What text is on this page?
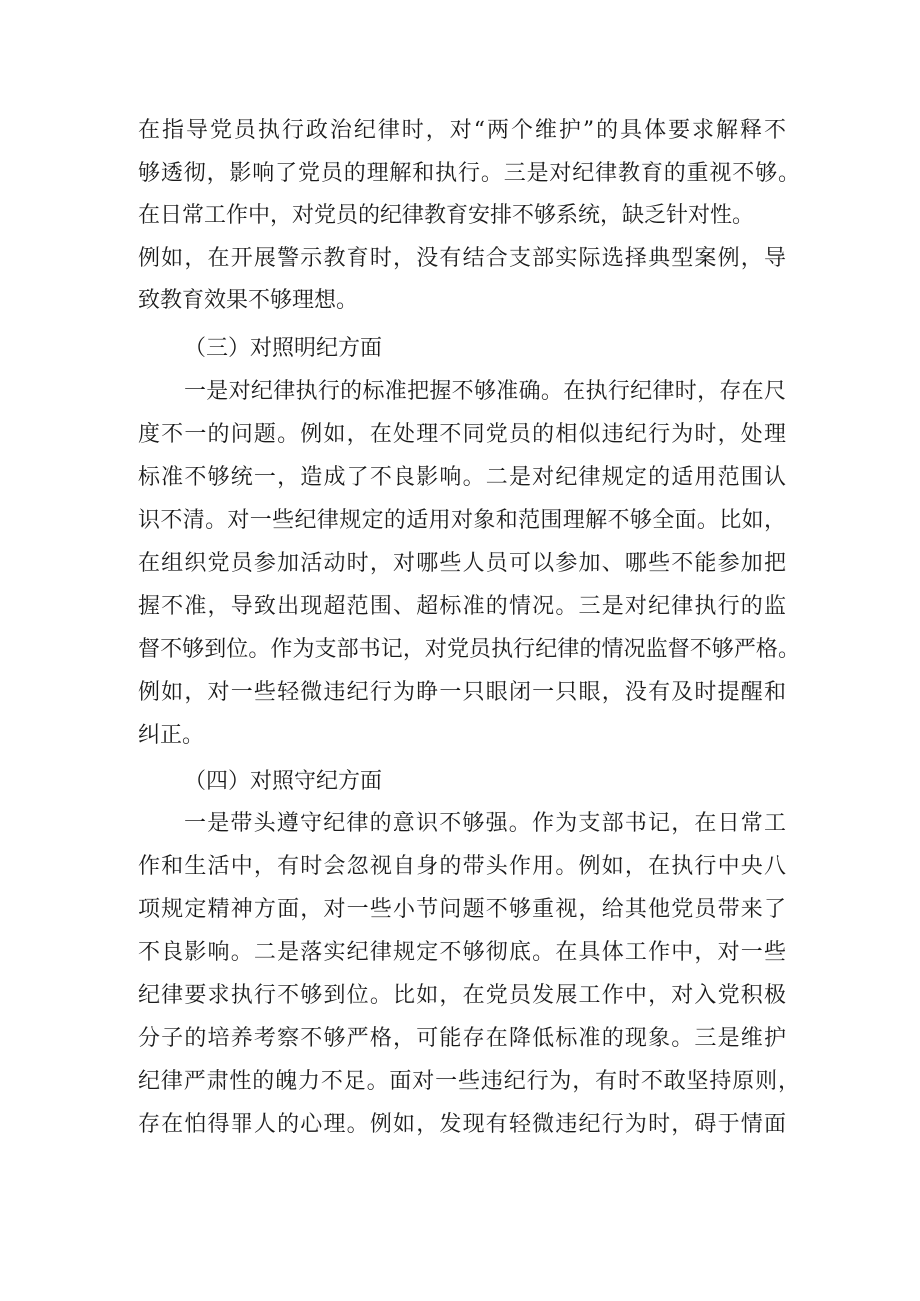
在指导党员执行政治纪律时，对“两个维护”的具体要求解释不
够透彻，影响了党员的理解和执行。三是对纪律教育的重视不够。
在日常工作中，对党员的纪律教育安排不够系统，缺乏针对性。
例如，在开展警示教育时，没有结合支部实际选择典型案例，导
致教育效果不够理想。
（三）对照明纪方面
一是对纪律执行的标准把握不够准确。在执行纪律时，存在尺
度不一的问题。例如，在处理不同党员的相似违纪行为时，处理
标准不够统一，造成了不良影响。二是对纪律规定的适用范围认
识不清。对一些纪律规定的适用对象和范围理解不够全面。比如，
在组织党员参加活动时，对哪些人员可以参加、哪些不能参加把
握不准，导致出现超范围、超标准的情况。三是对纪律执行的监
督不够到位。作为支部书记，对党员执行纪律的情况监督不够严格。
例如，对一些轻微违纪行为睁一只眼闭一只眼，没有及时提醒和
纠正。
（四）对照守纪方面
一是带头遵守纪律的意识不够强。作为支部书记，在日常工
作和生活中，有时会忽视自身的带头作用。例如，在执行中央八
项规定精神方面，对一些小节问题不够重视，给其他党员带来了
不良影响。二是落实纪律规定不够彻底。在具体工作中，对一些
纪律要求执行不够到位。比如，在党员发展工作中，对入党积极
分子的培养考察不够严格，可能存在降低标准的现象。三是维护
纪律严肃性的魄力不足。面对一些违纪行为，有时不敢坚持原则，
存在怕得罪人的心理。例如，发现有轻微违纪行为时，碍于情面
